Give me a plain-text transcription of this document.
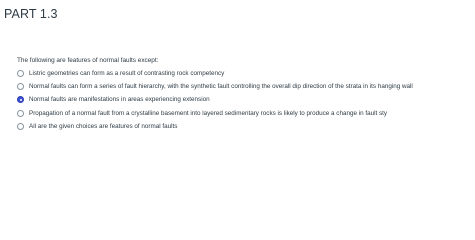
PART 1.3
The following are features of normal faults except:
Listric geometries can form as a result of contrasting rock competency
Normal faults can form a series of fault hierarchy, with the synthetic fault controlling the overall dip direction of the strata in its hanging wall
Normal faults are manifestations in areas experiencing extension
Propagation of a normal fault from a crystalline basement into layered sedimentary rocks is likely to produce a change in fault sty
All are the given choices are features of normal faults
